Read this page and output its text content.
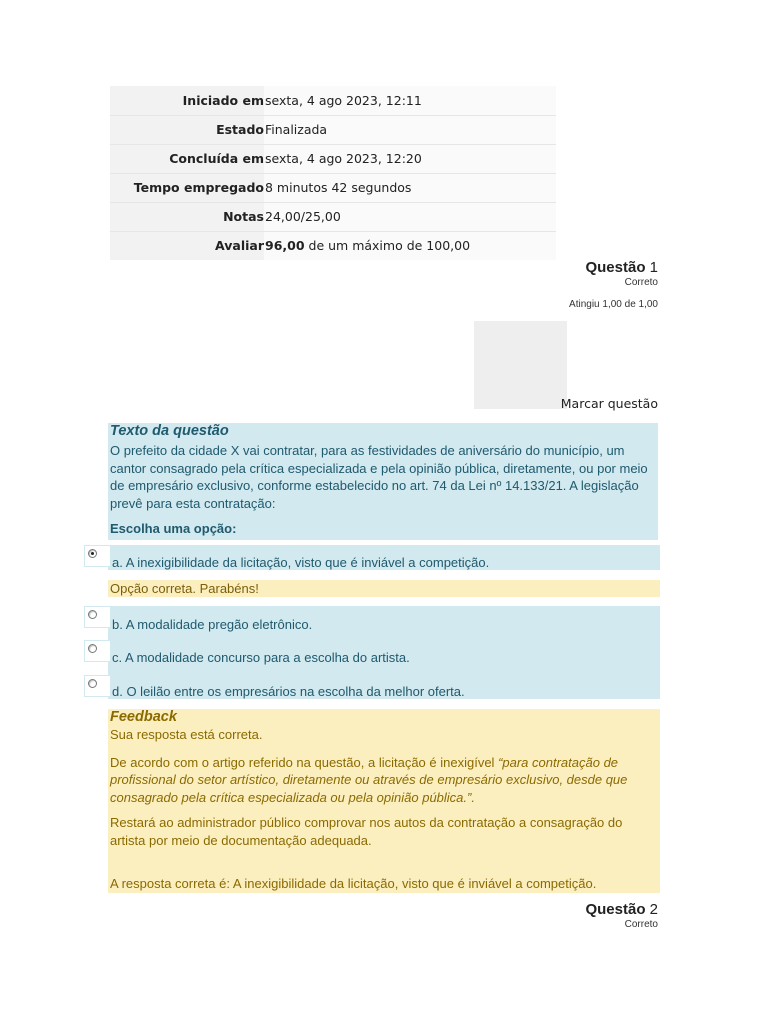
Iniciado em	sexta, 4 ago 2023, 12:11
Estado	Finalizada
Concluída em	sexta, 4 ago 2023, 12:20
Tempo empregado	8 minutos 42 segundos
Notas	24,00/25,00
Avaliar	96,00 de um máximo de 100,00
Questão 1
Correto
Atingiu 1,00 de 1,00
Marcar questão
Texto da questão

O prefeito da cidade X vai contratar, para as festividades de aniversário do município, um cantor consagrado pela crítica especializada e pela opinião pública, diretamente, ou por meio de empresário exclusivo, conforme estabelecido no art. 74 da Lei nº 14.133/21. A legislação prevê para esta contratação:

Escolha uma opção:

a. A inexigibilidade da licitação, visto que é inviável a competição.
Opção correta. Parabéns!
b. A modalidade pregão eletrônico.
c. A modalidade concurso para a escolha do artista.
d. O leilão entre os empresários na escolha da melhor oferta.
Feedback

Sua resposta está correta.

De acordo com o artigo referido na questão, a licitação é inexigível “para contratação de profissional do setor artístico, diretamente ou através de empresário exclusivo, desde que consagrado pela crítica especializada ou pela opinião pública.”.

Restará ao administrador público comprovar nos autos da contratação a consagração do artista por meio de documentação adequada.

A resposta correta é: A inexigibilidade da licitação, visto que é inviável a competição.

Questão 2
Correto
